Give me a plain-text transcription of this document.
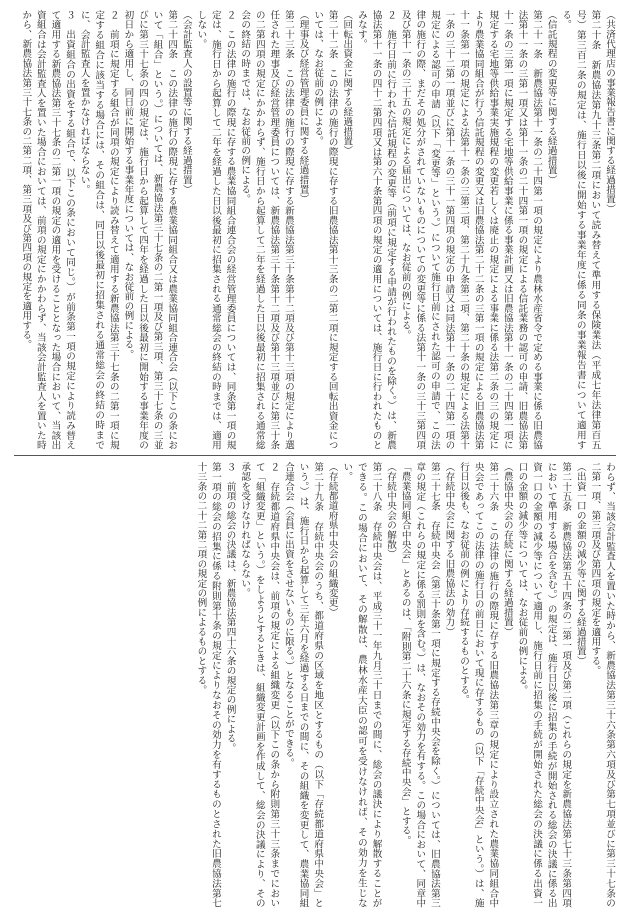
（共済代理店の事業報告書に関する経過措置）

第二十条　新農協法第九十三条第二項において読み替えて準用する保険業法（平成七年法律第百五号）第三百二条の規定は、施行日以後に開始する事業年度に係る同条の事業報告書について適用する。

（信託規程の変更等に関する経過措置）

第二十一条　新農協法第十一条の二十四第一項の規定により農林水産省令で定める事業に係る旧農協法第十一条の三第一項又は第十一条の二十四第一項の規定による信託業務の認可の申請、旧農協法第十一条の三第一項に規定する宅地等供給事業に係る事業計画又は旧農協法第十一条の二十四第一項に規定する宅地等供給事業実施規程の変更若しくは廃止の規定による事業に係る法第二条の三の規定により農業協同組合が行う信託規程の変更又は旧農協法第二十二条の三第一項の規定による旧農協法第十一条第一項の規定による法第十一条の三第二項、第二十九条第二項、第二十条の規定による法第十一条の三十二第一項並びに第十一条の三十一第四項の規定の申請又は同法第十一条の二十四第一項の規定による認可の申請（以下「変更等」という。）について施行日前にされた認可の申請で、この法律の施行の際、まだその処分がされていないものについての変更等に係る法第十一条の三十三第四項及び第十一条の三十五の規定による届出については、なお従前の例による。

２　施行日前に行われた信託規程の変更等（前項に規定する申請が行われたものを除く。）は、新農協法第十一条の四十二第四項又は第六十条第四項の規定の適用については、施行日に行われたものとみなす。

（回転出資金に関する経過措置）

第二十二条　この法律の施行の際現に存する旧農協法第十三条の二第二項に規定する回転出資金については、なお従前の例による。

（理事及び経営管理委員に関する経過措置）

第二十三条　この法律の施行の際現に存する新農協法第三十条第十二項及び第十三項の規定により選任された理事及び経営管理委員については、新農協法第三十条第十二項及び第十三項並びに第三十条の二第四項の規定にかかわらず、施行日から起算して二年を経過した日以後最初に招集される通常総会の終結の時までは、なお従前の例による。

２　この法律の施行の際現に存する農業協同組合連合会の経営管理委員については、同条第一項の規定は、施行日から起算して二年を経過した日以後最初に招集される通常総会の終結の時までは、適用しない。

（会計監査人の設置等に関する経過措置）

第二十四条　この法律の施行の際現に存する農業協同組合又は農業協同組合連合会（以下この条において「組合」という。）については、新農協法第三十七条の二第一項及び第三項、第三十七条の三並びに第三十七条の四の規定は、施行日から起算して四年を経過した日以後最初に開始する事業年度の初日から適用し、同日前に開始する事業年度については、なお従前の例による。

２　前項に規定する組合が同項の規定により読み替えて適用する新農協法第三十七条の二第一項に規定する組合に該当する場合には、その組合は、同日以後最初に招集される通常総会の終結の時までに、会計監査人を置かなければならない。

３　出資組合の出資をする組合で、以下この条において同じ。）が前条第一項の規定により読み替えて適用する新農協法第三十七条の二第一項の規定の適用を受けることとなった場合において、当該出資組合は会計監査人を置いた場合においては、前項の規定にかかわらず、当該会計監査人を置いた時から、新農協法第三十七条の二第二項、第三項及び第四項の規定を適用する。

わらず、当該会計監査人を置いた時から、新農協法第三十六条第六項及び第七項並びに第三十七条の二第一項、第三項及び第四項の規定を適用する。

（出資一口の金額の減少等に関する経過措置）

第二十五条　新農協法第五十四条の二第一項及び第二項（これらの規定を新農協法第七十三条第四項において準用する場合を含む。）の規定は、施行日以後に招集の手続が開始される総会の決議に係る出資一口の金額の減少等について適用し、施行日前に招集の手続が開始された総会の決議に係る出資一口の金額の減少等については、なお従前の例による。

（農協中央会の存続に関する経過措置）

第二十六条　この法律の施行の際現に存する旧農協法第三章の規定により設立された農業協同組合中央会であってこの法律の施行日の前日において現に存するもの（以下「存続中央会」という。）は、施行日以後も、なお従前の例により存続するものとする。

（存続中央会に関する旧農協法の効力）

第二十七条　存続中央会（第三十条第一項に規定する存続中央会を除く。）については、旧農協法第三章の規定（これらの規定に係る罰則を含む。）は、なおその効力を有する。この場合において、同章中「農業協同組合中央会」とあるのは、「附則第二十六条に規定する存続中央会」とする。

（存続中央会の解散）

第二十八条　存続中央会は、平成三十一年九月三十日までの間に、総会の議決により解散することができる。この場合において、その解散は、農林水産大臣の認可を受けなければ、その効力を生じない。

（存続都道府県中央会の組織変更）

第二十九条　存続中央会のうち、都道府県の区域を地区とするもの（以下「存続都道府県中央会」という。）は、施行日から起算して三年六月を経過する日までの間に、その組織を変更して、農業協同組合連合会（会員に出資をさせないものに限る。）となることができる。

２　存続都道府県中央会は、前項の規定による組織変更（以下この条から附則第三十三条までにおいて「組織変更」という。）をしようとするときは、組織変更計画を作成して、総会の決議により、その承認を受けなければならない。

３　前項の総会の決議は、新農協法第四十六条の規定の例による。

第一項の総会の招集に係る附則第十条の規定によりなおその効力を有するものとされた旧農協法第七十三条の二十二第二項の規定の例によるものとする。
